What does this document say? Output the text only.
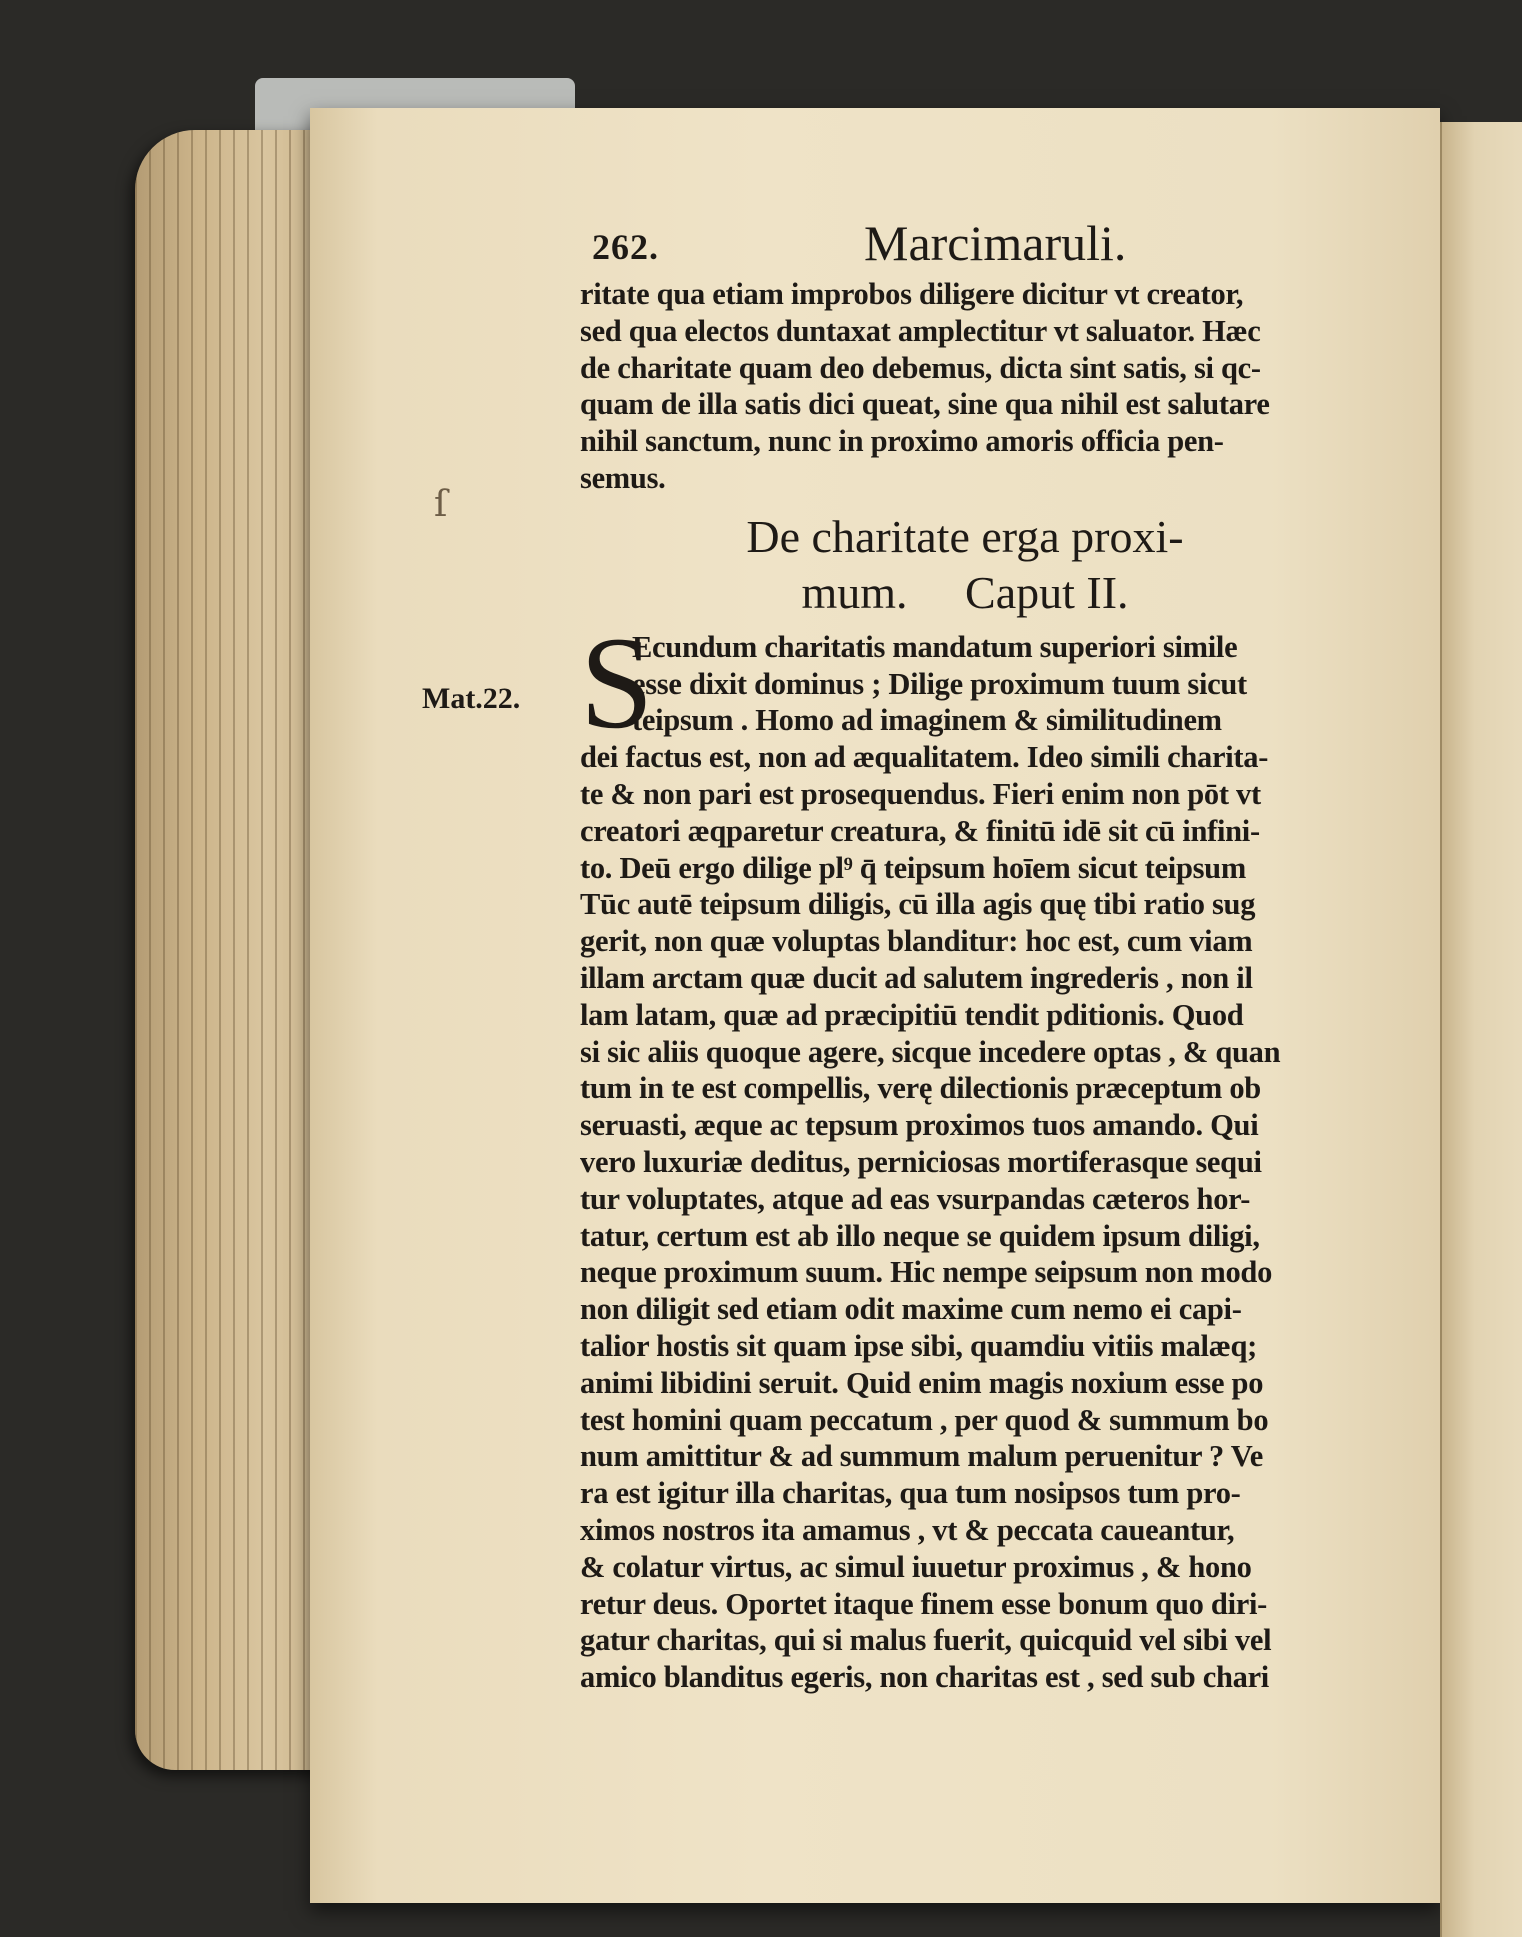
ſ
Mat.22.
262.	Marcimaruli.
ritate qua etiam improbos diligere dicitur vt creator,
sed qua electos duntaxat amplectitur vt saluator. Hæc
de charitate quam deo debemus, dicta sint satis, si qc-
quam de illa satis dici queat, sine qua nihil est salutare
nihil sanctum, nunc in proximo amoris officia pen-
semus.
De charitate erga proxi-
mum.     Caput II.
S
Ecundum charitatis mandatum superiori simile
esse dixit dominus ; Dilige proximum tuum sicut
teipsum . Homo ad imaginem & similitudinem
dei factus est, non ad æqualitatem. Ideo simili charita-
te & non pari est prosequendus. Fieri enim non pōt vt
creatori æqparetur creatura, & finitū idē sit cū infini-
to. Deū ergo dilige pl⁹ q̄ teipsum hoīem sicut teipsum
Tūc autē teipsum diligis, cū illa agis quę tibi ratio sug
gerit, non quæ voluptas blanditur: hoc est, cum viam
illam arctam quæ ducit ad salutem ingrederis , non il
lam latam, quæ ad præcipitiū tendit pditionis. Quod
si sic aliis quoque agere, sicque incedere optas , & quan
tum in te est compellis, verę dilectionis præceptum ob
seruasti, æque ac tepsum proximos tuos amando. Qui
vero luxuriæ deditus, perniciosas mortiferasque sequi
tur voluptates, atque ad eas vsurpandas cæteros hor-
tatur, certum est ab illo neque se quidem ipsum diligi,
neque proximum suum. Hic nempe seipsum non modo
non diligit sed etiam odit maxime cum nemo ei capi-
talior hostis sit quam ipse sibi, quamdiu vitiis malæq;
animi libidini seruit. Quid enim magis noxium esse po
test homini quam peccatum , per quod & summum bo
num amittitur & ad summum malum peruenitur ? Ve
ra est igitur illa charitas, qua tum nosipsos tum pro-
ximos nostros ita amamus , vt & peccata caueantur,
& colatur virtus, ac simul iuuetur proximus , & hono
retur deus. Oportet itaque finem esse bonum quo diri-
gatur charitas, qui si malus fuerit, quicquid vel sibi vel
amico blanditus egeris, non charitas est , sed sub chari
